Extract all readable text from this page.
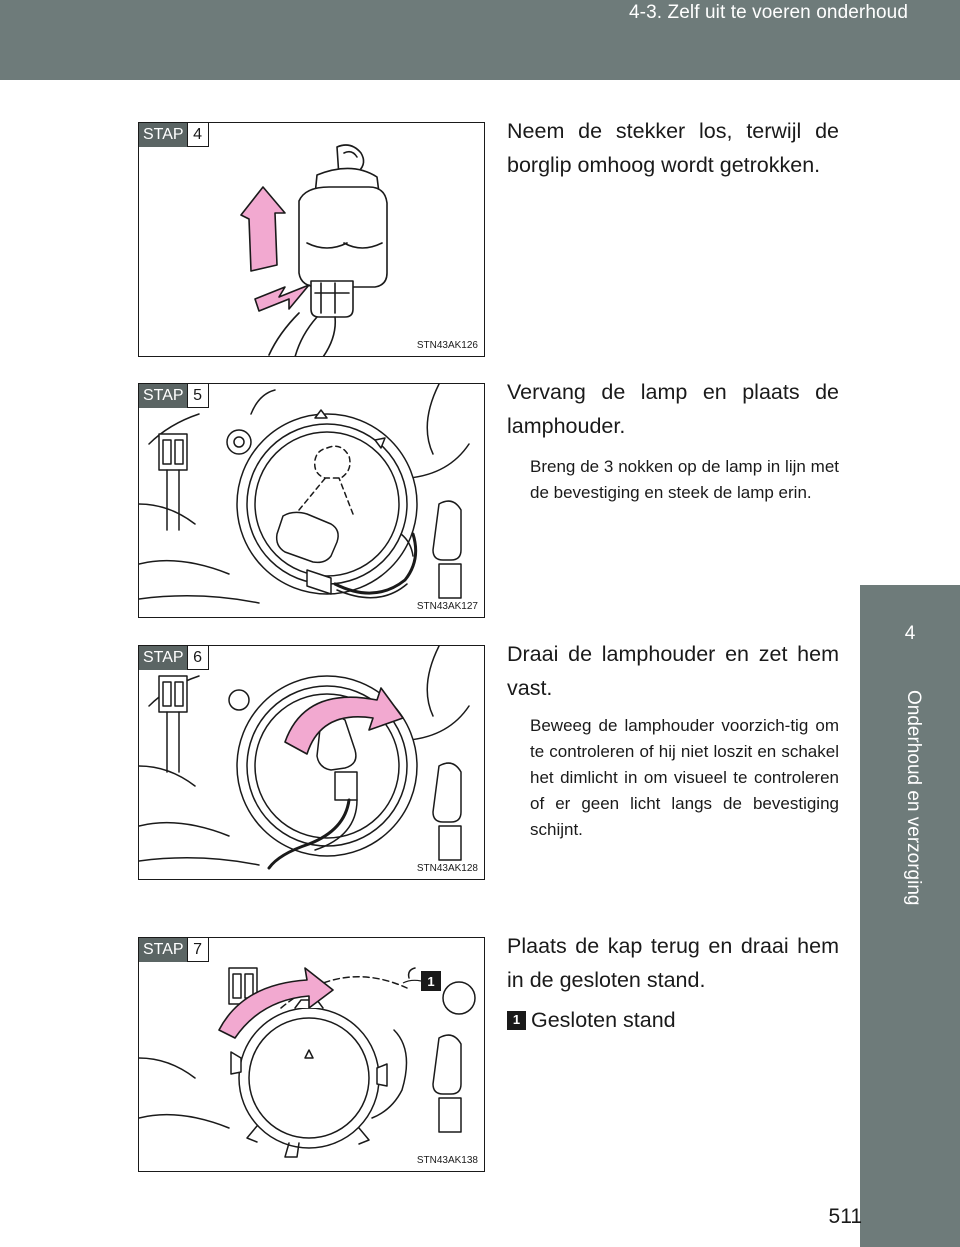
4-3. Zelf uit te voeren onderhoud
4
Onderhoud en verzorging
STAP 4
STN43AK126
Neem de stekker los, terwijl de borglip omhoog wordt getrokken.
STAP 5
STN43AK127
Vervang de lamp en plaats de lamphouder.
Breng de 3 nokken op de lamp in lijn met de bevestiging en steek de lamp erin.
STAP 6
STN43AK128
Draai de lamphouder en zet hem vast.
Beweeg de lamphouder voorzich-tig om te controleren of hij niet loszit en schakel het dimlicht in om visueel te controleren of er geen licht langs de bevestiging schijnt.
STAP 7
1
STN43AK138
Plaats de kap terug en draai hem in de gesloten stand.
1 Gesloten stand
511
